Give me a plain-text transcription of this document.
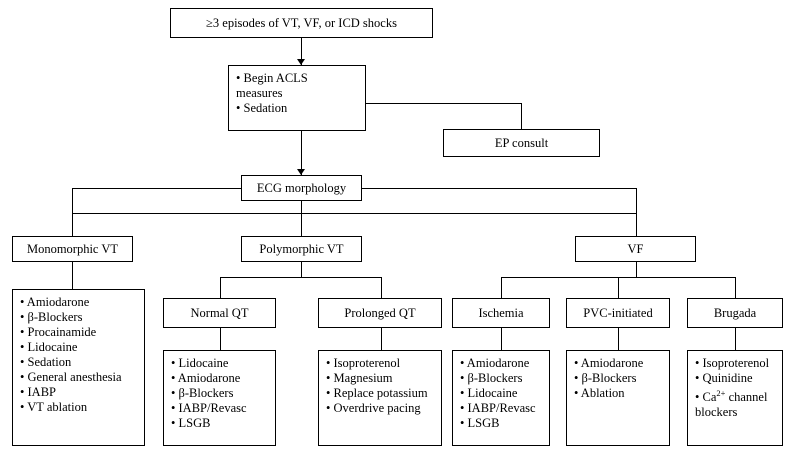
≥3 episodes of VT, VF, or ICD shocks
• Begin ACLS
measures
• Sedation
EP consult
ECG morphology
Monomorphic VT	Polymorphic VT	VF
Normal QT	Prolonged QT	Ischemia	PVC-initiated	Brugada
• Amiodarone
• β-Blockers
• Procainamide
• Lidocaine
• Sedation
• General anesthesia
• IABP
• VT ablation
• Lidocaine
• Amiodarone
• β-Blockers
• IABP/Revasc
• LSGB
• Isoproterenol
• Magnesium
• Replace potassium
• Overdrive pacing
• Amiodarone
• β-Blockers
• Lidocaine
• IABP/Revasc
• LSGB
• Amiodarone
• β-Blockers
• Ablation
• Isoproterenol
• Quinidine
• $Ca^{2+}$ channel
blockers
